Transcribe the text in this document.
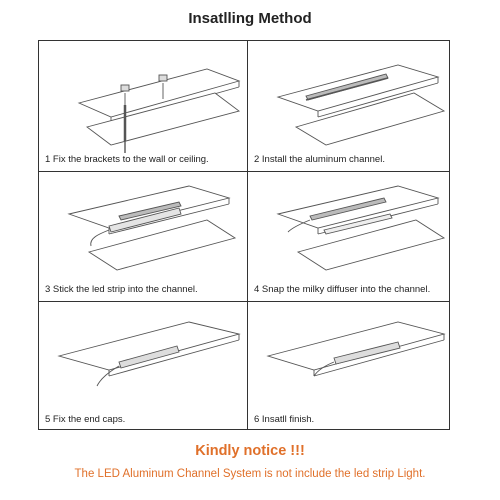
Insatlling Method
1 Fix the brackets to the wall or ceiling.	2 Install the aluminum channel.
3 Stick the led strip into the channel.	4 Snap the milky diffuser into the channel.
5 Fix the end caps.	6 Insatll finish.
Kindly notice !!!
The LED Aluminum Channel System is not include the led strip Light.
